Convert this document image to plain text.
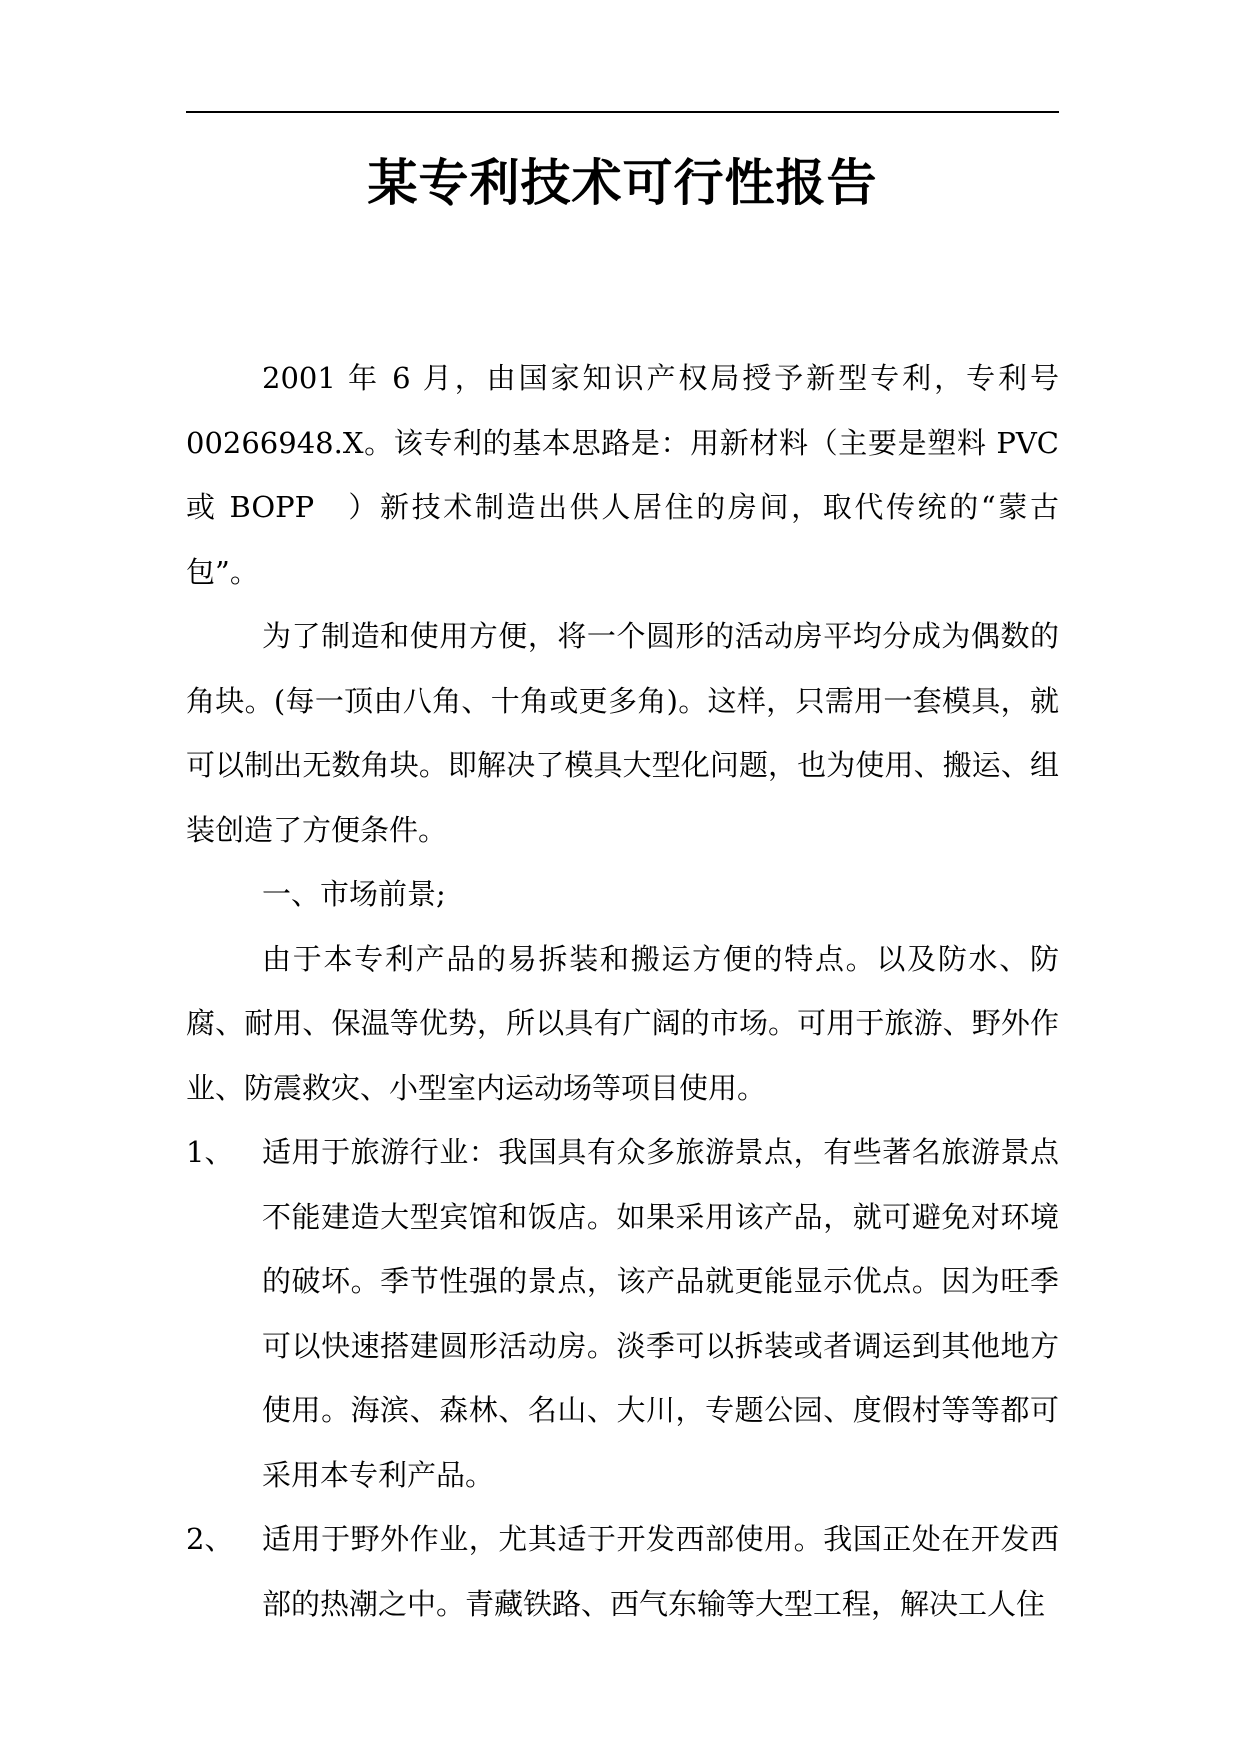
某专利技术可行性报告

2001 年 6 月，由国家知识产权局授予新型专利，专利号 00266948.X。该专利的基本思路是：用新材料（主要是塑料 PVC 或 BOPP　）新技术制造出供人居住的房间，取代传统的“蒙古包”。

为了制造和使用方便，将一个圆形的活动房平均分成为偶数的角块。(每一顶由八角、十角或更多角)。这样，只需用一套模具，就可以制出无数角块。即解决了模具大型化问题，也为使用、搬运、组装创造了方便条件。

一、市场前景;

由于本专利产品的易拆装和搬运方便的特点。以及防水、防腐、耐用、保温等优势，所以具有广阔的市场。可用于旅游、野外作业、防震救灾、小型室内运动场等项目使用。

1、 适用于旅游行业：我国具有众多旅游景点，有些著名旅游景点不能建造大型宾馆和饭店。如果采用该产品，就可避免对环境的破坏。季节性强的景点，该产品就更能显示优点。因为旺季可以快速搭建圆形活动房。淡季可以拆装或者调运到其他地方使用。海滨、森林、名山、大川，专题公园、度假村等等都可采用本专利产品。
2、 适用于野外作业，尤其适于开发西部使用。我国正处在开发西部的热潮之中。青藏铁路、西气东输等大型工程，解决工人住
